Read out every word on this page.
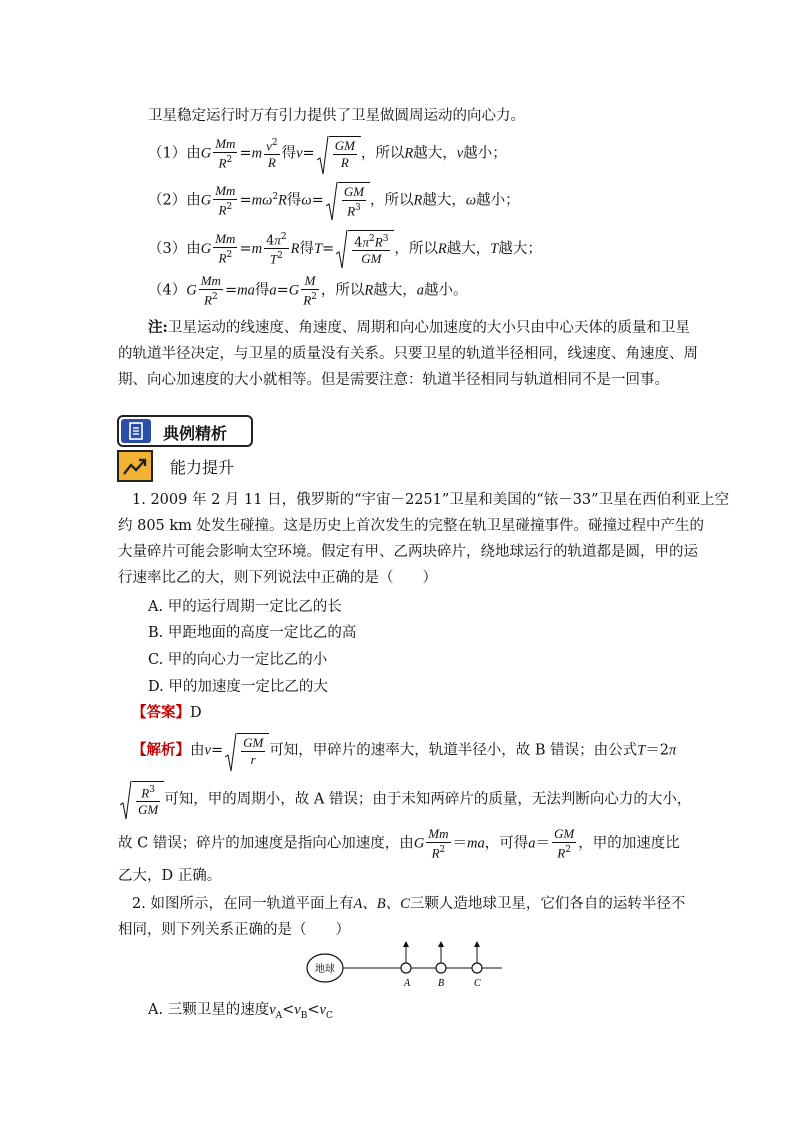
卫星稳定运行时万有引力提供了卫星做圆周运动的向心力。
（1）由G $\frac{Mm}{R^2} =m \frac{v^2}{R}$ 得$v= \frac{GM}{R}$ ，所以R越大，v越小；
（2）由G $\frac{Mm}{R^2} =m\omega^2R$得$\omega= \frac{GM}{R^3}$ ，所以R越大，ω越小；
（3）由G $\frac{Mm}{R^2} =m \frac{4\pi^2}{T^2}$ R得$T= \frac{4\pi^2R^3}{GM}$ ，所以R越大，T越大；
$(4)G \frac{Mm}{R^2} =ma$得$a=G \frac{M}{R^2}$ ，所以R越大，a越小。
注:卫星运动的线速度、角速度、周期和向心加速度的大小只由中心天体的质量和卫星
的轨道半径决定，与卫星的质量没有关系。只要卫星的轨道半径相同，线速度、角速度、周
期、向心加速度的大小就相等。但是需要注意：轨道半径相同与轨道相同不是一回事。
典例精析
能力提升
1. 2009 年 2 月 11 日，俄罗斯的“宇宙－2251”卫星和美国的“铱－33”卫星在西伯利亚上空
约 805 km 处发生碰撞。这是历史上首次发生的完整在轨卫星碰撞事件。碰撞过程中产生的
大量碎片可能会影响太空环境。假定有甲、乙两块碎片，绕地球运行的轨道都是圆，甲的运
行速率比乙的大，则下列说法中正确的是（　　）
A. 甲的运行周期一定比乙的长
B. 甲距地面的高度一定比乙的高
C. 甲的向心力一定比乙的小
D. 甲的加速度一定比乙的大
【答案】D
【解析】由$v= \frac{GM}{r}$ 可知，甲碎片的速率大，轨道半径小，故 B 错误；由公式T＝2π
$\frac{R^3}{GM}$ 可知，甲的周期小，故 A 错误；由于未知两碎片的质量，无法判断向心力的大小，
故 C 错误；碎片的加速度是指向心加速度，由G $\frac{Mm}{R^2} =ma$，可得$a= \frac{GM}{R^2}$ ，甲的加速度比
乙大，D 正确。
2. 如图所示，在同一轨道平面上有A、B、C三颗人造地球卫星，它们各自的运转半径不
相同，则下列关系正确的是（　　）
地球
A	B	C
A. 三颗卫星的速度$v_A<v_B<v_C$
